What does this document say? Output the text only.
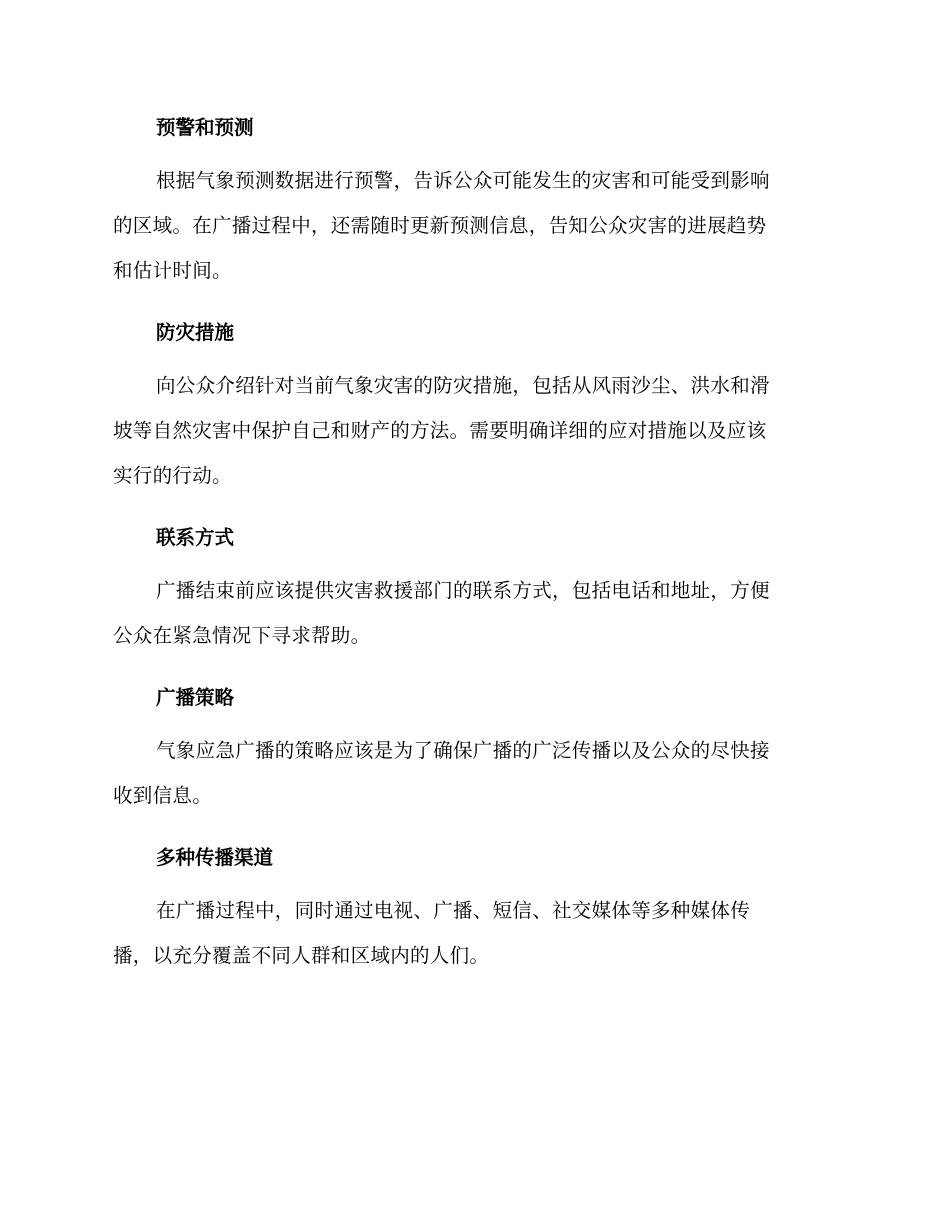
预警和预测
根据气象预测数据进行预警，告诉公众可能发生的灾害和可能受到影响
的区域。在广播过程中，还需随时更新预测信息，告知公众灾害的进展趋势
和估计时间。
防灾措施
向公众介绍针对当前气象灾害的防灾措施，包括从风雨沙尘、洪水和滑
坡等自然灾害中保护自己和财产的方法。需要明确详细的应对措施以及应该
实行的行动。
联系方式
广播结束前应该提供灾害救援部门的联系方式，包括电话和地址，方便
公众在紧急情况下寻求帮助。
广播策略
气象应急广播的策略应该是为了确保广播的广泛传播以及公众的尽快接
收到信息。
多种传播渠道
在广播过程中，同时通过电视、广播、短信、社交媒体等多种媒体传
播，以充分覆盖不同人群和区域内的人们。
